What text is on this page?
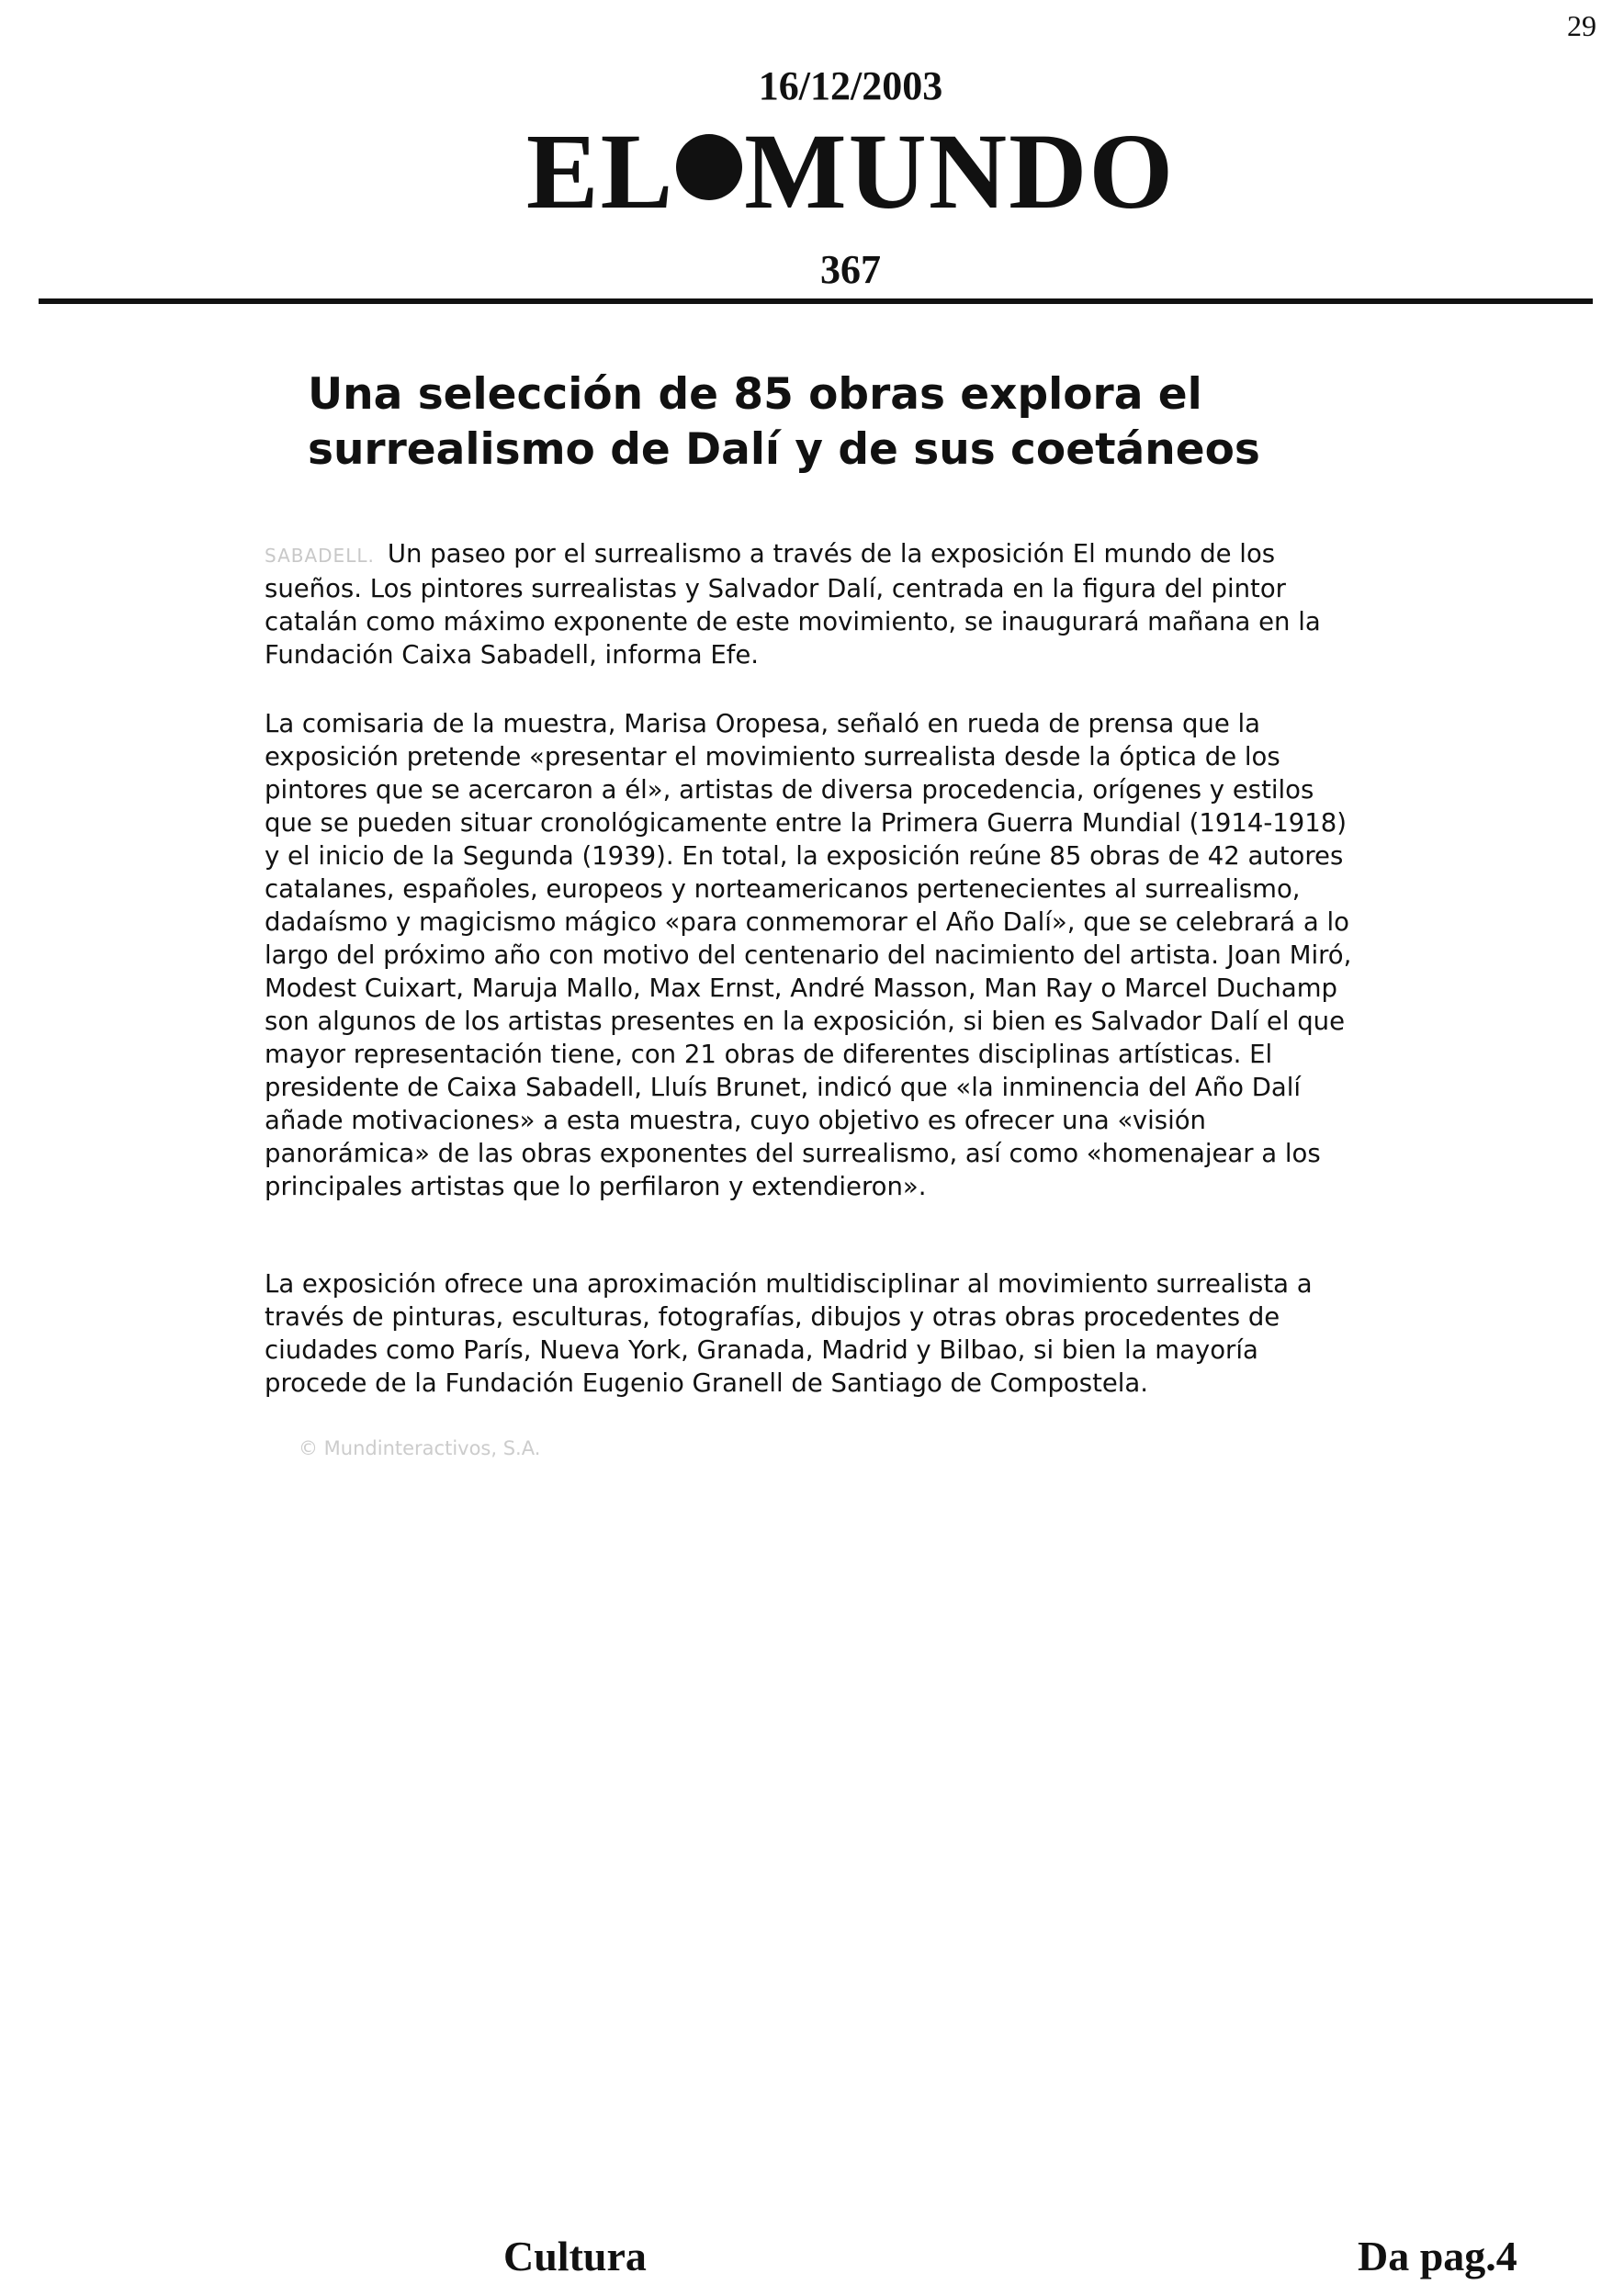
29
16/12/2003
EL MUNDO
367
Una selección de 85 obras explora el surrealismo de Dalí y de sus coetáneos

SABADELL. Un paseo por el surrealismo a través de la exposición El mundo de los sueños. Los pintores surrealistas y Salvador Dalí, centrada en la figura del pintor catalán como máximo exponente de este movimiento, se inaugurará mañana en la Fundación Caixa Sabadell, informa Efe.

La comisaria de la muestra, Marisa Oropesa, señaló en rueda de prensa que la exposición pretende «presentar el movimiento surrealista desde la óptica de los pintores que se acercaron a él», artistas de diversa procedencia, orígenes y estilos que se pueden situar cronológicamente entre la Primera Guerra Mundial (1914-1918) y el inicio de la Segunda (1939). En total, la exposición reúne 85 obras de 42 autores catalanes, españoles, europeos y norteamericanos pertenecientes al surrealismo, dadaísmo y magicismo mágico «para conmemorar el Año Dalí», que se celebrará a lo largo del próximo año con motivo del centenario del nacimiento del artista. Joan Miró, Modest Cuixart, Maruja Mallo, Max Ernst, André Masson, Man Ray o Marcel Duchamp son algunos de los artistas presentes en la exposición, si bien es Salvador Dalí el que mayor representación tiene, con 21 obras de diferentes disciplinas artísticas. El presidente de Caixa Sabadell, Lluís Brunet, indicó que «la inminencia del Año Dalí añade motivaciones» a esta muestra, cuyo objetivo es ofrecer una «visión panorámica» de las obras exponentes del surrealismo, así como «homenajear a los principales artistas que lo perfilaron y extendieron».

La exposición ofrece una aproximación multidisciplinar al movimiento surrealista a través de pinturas, esculturas, fotografías, dibujos y otras obras procedentes de ciudades como París, Nueva York, Granada, Madrid y Bilbao, si bien la mayoría procede de la Fundación Eugenio Granell de Santiago de Compostela.

© Mundinteractivos, S.A.
Cultura	Da pag.4
